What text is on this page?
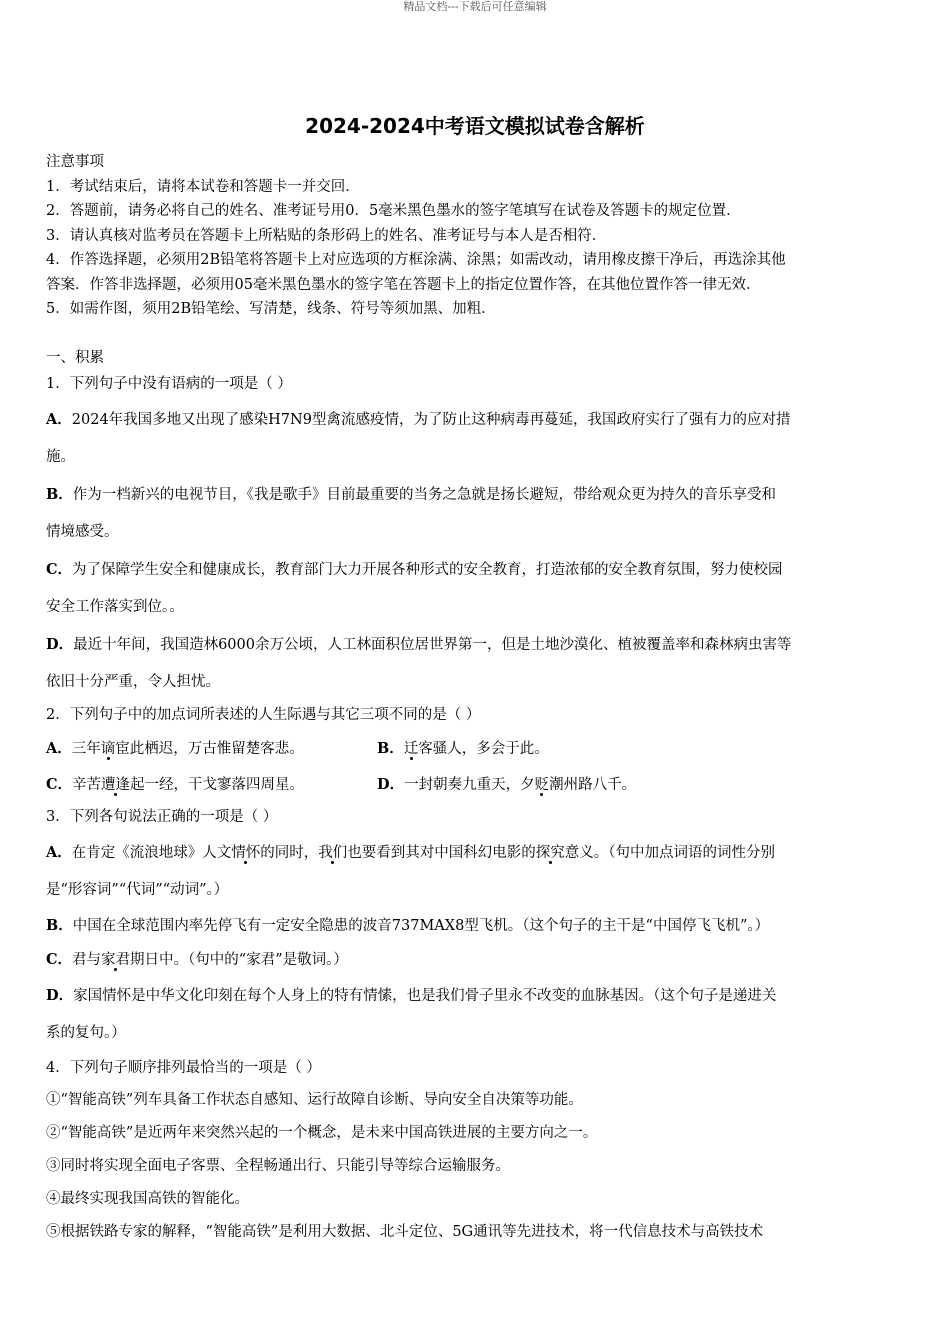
精品文档---下载后可任意编辑
2024-2024中考语文模拟试卷含解析
注意事项
1．考试结束后，请将本试卷和答题卡一并交回．
2．答题前，请务必将自己的姓名、准考证号用0．5毫米黑色墨水的签字笔填写在试卷及答题卡的规定位置．
3．请认真核对监考员在答题卡上所粘贴的条形码上的姓名、准考证号与本人是否相符．
4．作答选择题，必须用2B铅笔将答题卡上对应选项的方框涂满、涂黑；如需改动，请用橡皮擦干净后，再选涂其他
答案．作答非选择题，必须用05毫米黑色墨水的签字笔在答题卡上的指定位置作答，在其他位置作答一律无效．
5．如需作图，须用2B铅笔绘、写清楚，线条、符号等须加黑、加粗．
一、积累
1．下列句子中没有语病的一项是（ ）
A．2024年我国多地又出现了感染H7N9型禽流感疫情，为了防止这种病毒再蔓延，我国政府实行了强有力的应对措
施。
B．作为一档新兴的电视节目，《我是歌手》目前最重要的当务之急就是扬长避短，带给观众更为持久的音乐享受和
情境感受。
C．为了保障学生安全和健康成长，教育部门大力开展各种形式的安全教育，打造浓郁的安全教育氛围，努力使校园
安全工作落实到位。。
D．最近十年间，我国造林6000余万公顷，人工林面积位居世界第一，但是土地沙漠化、植被覆盖率和森林病虫害等
依旧十分严重，令人担忧。
2．下列句子中的加点词所表述的人生际遇与其它三项不同的是（ ）
A．三年谪宦此栖迟，万古惟留楚客悲。	B．迁客骚人，多会于此。
C．辛苦遭逢起一经，干戈寥落四周星。	D．一封朝奏九重天，夕贬潮州路八千。
3．下列各句说法正确的一项是（ ）
A．在肯定《流浪地球》人文情怀的同时，我们也要看到其对中国科幻电影的探究意义。（句中加点词语的词性分别
是“形容词”“代词”“动词”。）
B．中国在全球范围内率先停飞有一定安全隐患的波音737MAX8型飞机。（这个句子的主干是“中国停飞飞机”。）
C．君与家君期日中。（句中的“家君”是敬词。）
D．家国情怀是中华文化印刻在每个人身上的特有情愫，也是我们骨子里永不改变的血脉基因。（这个句子是递进关
系的复句。）
4．下列句子顺序排列最恰当的一项是（ ）
①“智能高铁”列车具备工作状态自感知、运行故障自诊断、导向安全自决策等功能。
②“智能高铁”是近两年来突然兴起的一个概念，是未来中国高铁进展的主要方向之一。
③同时将实现全面电子客票、全程畅通出行、只能引导等综合运输服务。
④最终实现我国高铁的智能化。
⑤根据铁路专家的解释，“智能高铁”是利用大数据、北斗定位、5G通讯等先进技术，将一代信息技术与高铁技术
